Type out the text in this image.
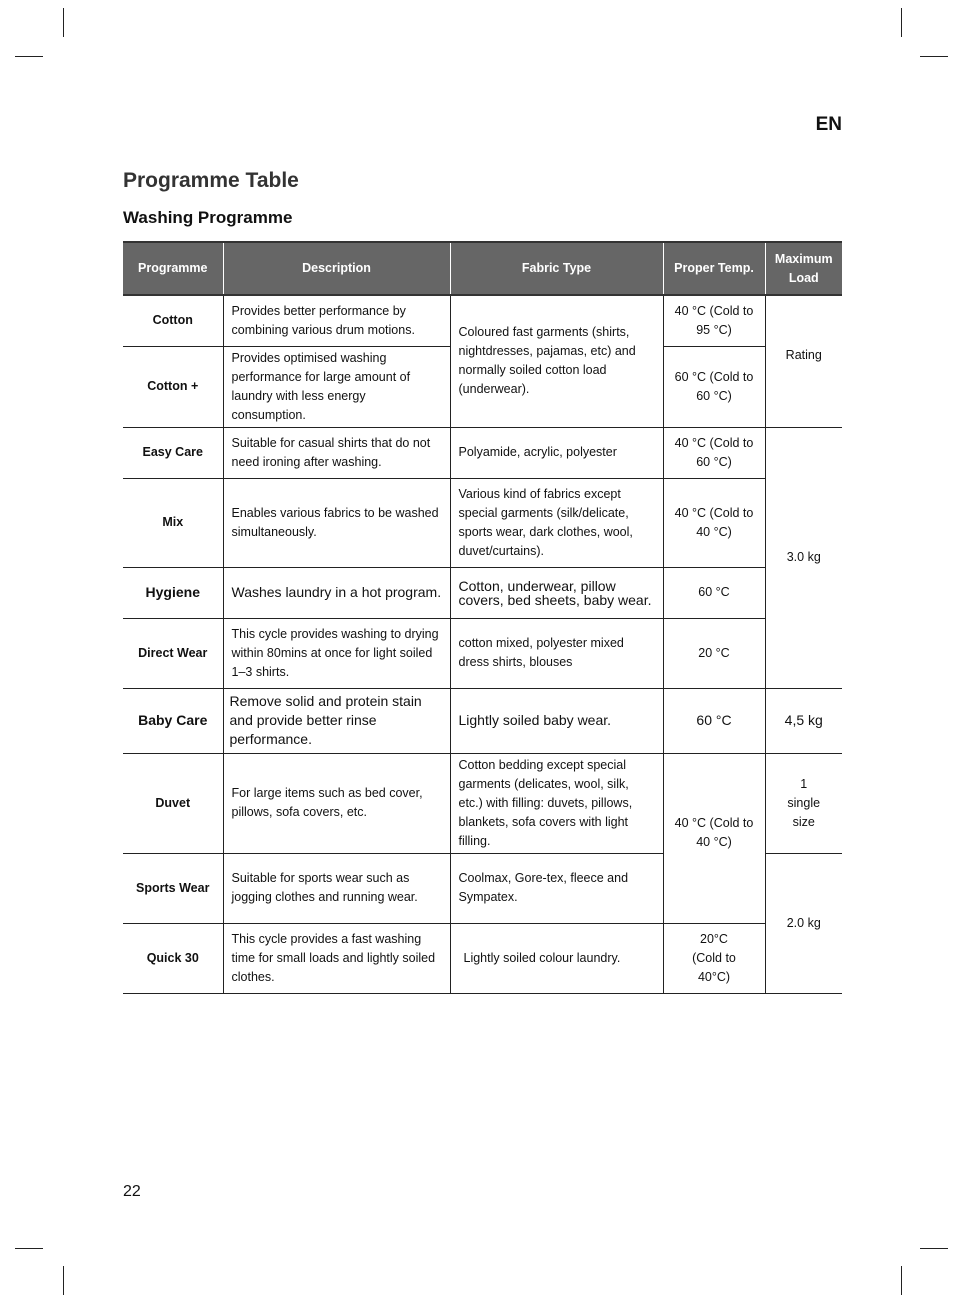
EN
Programme Table
Washing Programme
Programme	Description	Fabric Type	Proper Temp.	Maximum Load
Cotton	Provides better performance by combining various drum motions.	Coloured fast garments (shirts, nightdresses, pajamas, etc) and normally soiled cotton load (underwear).	40 °C (Cold to 95 °C)	Rating
Cotton +	Provides optimised washing performance for large amount of laundry with less energy consumption.		60 °C (Cold to 60 °C)	
Easy Care	Suitable for casual shirts that do not need ironing after washing.	Polyamide, acrylic, polyester	40 °C (Cold to 60 °C)	3.0 kg
Mix	Enables various fabrics to be washed simultaneously.	Various kind of fabrics except special garments (silk/delicate, sports wear, dark clothes, wool, duvet/curtains).	40 °C (Cold to 40 °C)	
Hygiene	Washes laundry in a hot program.	Cotton, underwear, pillow covers, bed sheets, baby wear.	60 °C	
Direct Wear	This cycle provides washing to drying within 80mins at once for light soiled 1–3 shirts.	cotton mixed, polyester mixed dress shirts, blouses	20 °C	
Baby Care	Remove solid and protein stain and provide better rinse performance.	Lightly soiled baby wear.	60 °C	4,5 kg
Duvet	For large items such as bed cover, pillows, sofa covers, etc.	Cotton bedding except special garments (delicates, wool, silk, etc.) with filling: duvets, pillows, blankets, sofa covers with light filling.	40 °C (Cold to 40 °C)	1 single size
Sports Wear	Suitable for sports wear such as jogging clothes and running wear.	Coolmax, Gore-tex, fleece and Sympatex.		2.0 kg
Quick 30	This cycle provides a fast washing time for small loads and lightly soiled clothes.	Lightly soiled colour laundry.	20°C (Cold to 40°C)	
22
